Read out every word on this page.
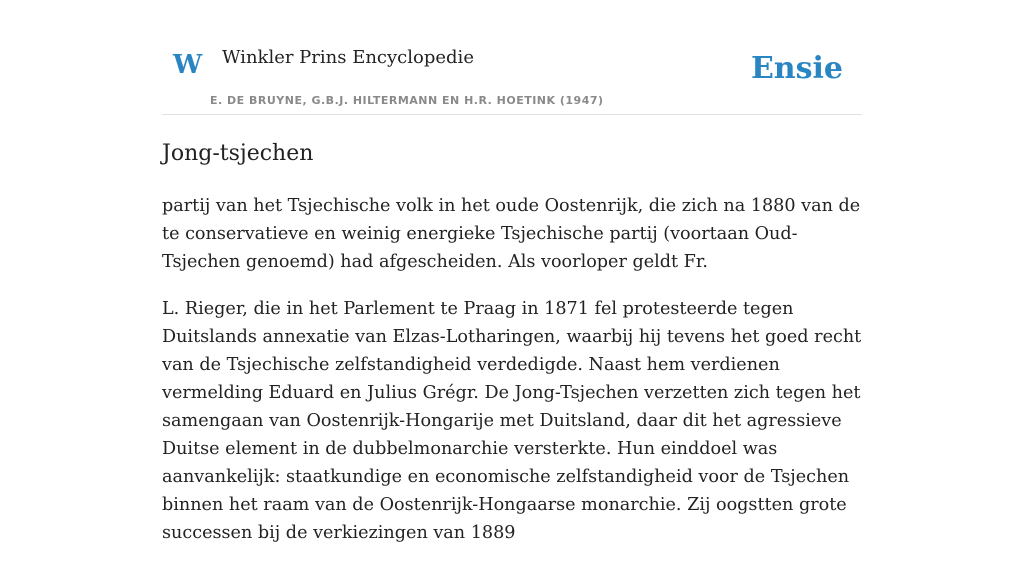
W Winkler Prins Encyclopedie
E. DE BRUYNE, G.B.J. HILTERMANN EN H.R. HOETINK (1947)
Ensie
Jong-tsjechen

partij van het Tsjechische volk in het oude Oostenrijk, die zich na 1880 van de te conservatieve en weinig energieke Tsjechische partij (voortaan Oud-Tsjechen genoemd) had afgescheiden. Als voorloper geldt Fr.

L. Rieger, die in het Parlement te Praag in 1871 fel protesteerde tegen Duitslands annexatie van Elzas-Lotharingen, waarbij hij tevens het goed recht van de Tsjechische zelfstandigheid verdedigde. Naast hem verdienen vermelding Eduard en Julius Grégr. De Jong-Tsjechen verzetten zich tegen het samengaan van Oostenrijk-Hongarije met Duitsland, daar dit het agressieve Duitse element in de dubbelmonarchie versterkte. Hun einddoel was aanvankelijk: staatkundige en economische zelfstandigheid voor de Tsjechen binnen het raam van de Oostenrijk-Hongaarse monarchie. Zij oogstten grote successen bij de verkiezingen van 1889
